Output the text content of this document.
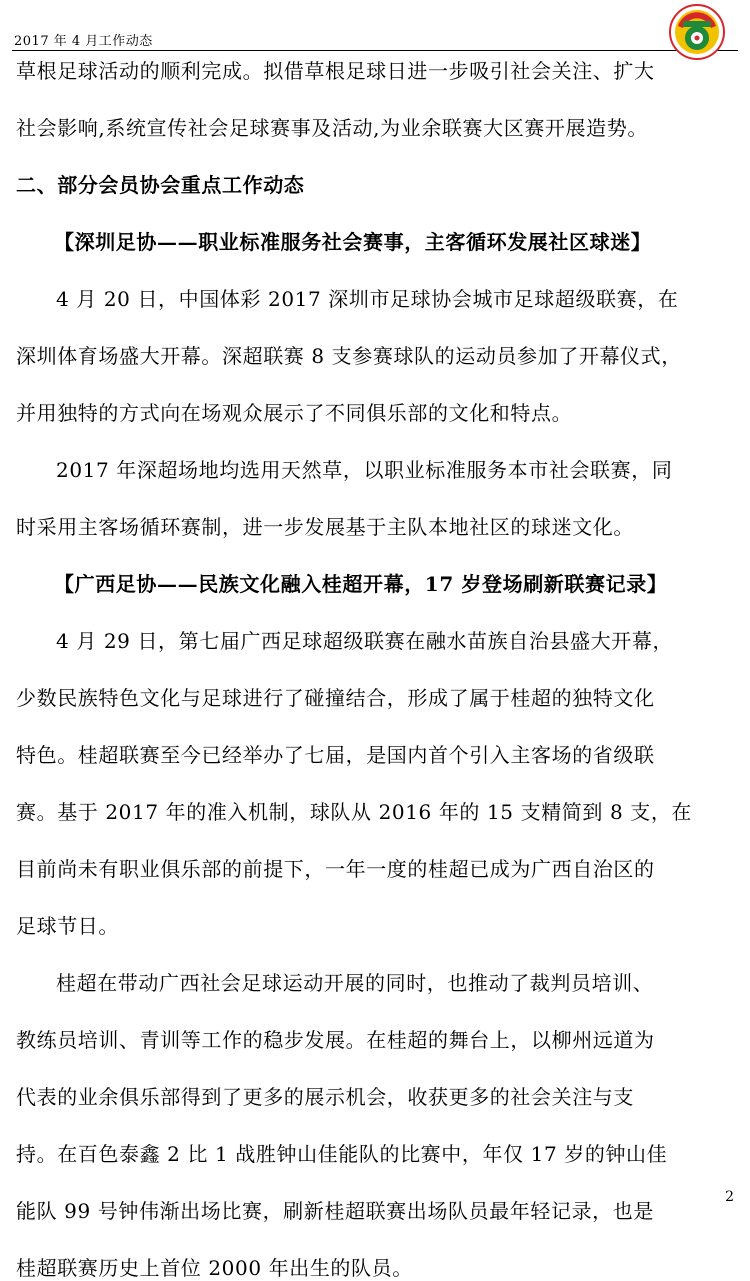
2017 年 4 月工作动态
草根足球活动的顺利完成。拟借草根足球日进一步吸引社会关注、扩大
社会影响,系统宣传社会足球赛事及活动,为业余联赛大区赛开展造势。
二、部分会员协会重点工作动态
【深圳足协——职业标准服务社会赛事，主客循环发展社区球迷】
4 月 20 日，中国体彩 2017 深圳市足球协会城市足球超级联赛，在
深圳体育场盛大开幕。深超联赛 8 支参赛球队的运动员参加了开幕仪式，
并用独特的方式向在场观众展示了不同俱乐部的文化和特点。
2017 年深超场地均选用天然草，以职业标准服务本市社会联赛，同
时采用主客场循环赛制，进一步发展基于主队本地社区的球迷文化。
【广西足协——民族文化融入桂超开幕，17 岁登场刷新联赛记录】
4 月 29 日，第七届广西足球超级联赛在融水苗族自治县盛大开幕，
少数民族特色文化与足球进行了碰撞结合，形成了属于桂超的独特文化
特色。桂超联赛至今已经举办了七届，是国内首个引入主客场的省级联
赛。基于 2017 年的准入机制，球队从 2016 年的 15 支精简到 8 支，在
目前尚未有职业俱乐部的前提下，一年一度的桂超已成为广西自治区的
足球节日。
桂超在带动广西社会足球运动开展的同时，也推动了裁判员培训、
教练员培训、青训等工作的稳步发展。在桂超的舞台上，以柳州远道为
代表的业余俱乐部得到了更多的展示机会，收获更多的社会关注与支
持。在百色泰鑫 2 比 1 战胜钟山佳能队的比赛中，年仅 17 岁的钟山佳
能队 99 号钟伟渐出场比赛，刷新桂超联赛出场队员最年轻记录，也是
桂超联赛历史上首位 2000 年出生的队员。
2
